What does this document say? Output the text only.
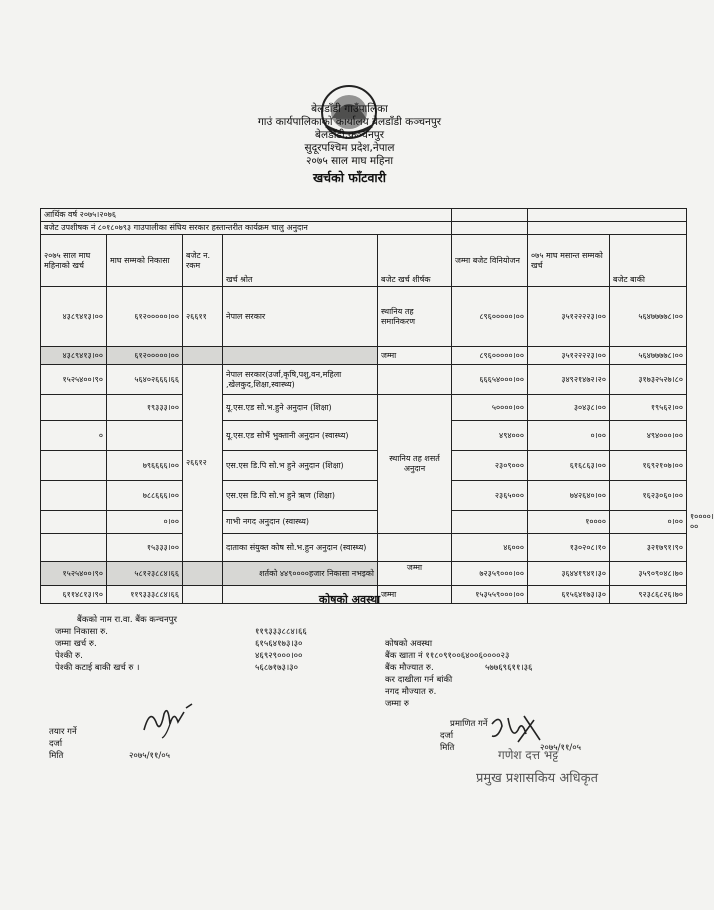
बेलडाँडी गाउँपालिका
गाउं कार्यपालिकाको कार्यालय बेलडाँडी कञ्चनपुर
बेलडाँडी,कञ्चनपुर
सुदूरपश्चिम प्रदेश,नेपाल
२०७५ साल माघ महिना
खर्चको फाँटवारी
आर्थिक वर्ष २०७५।२०७६								
बजेट उपशीषक नं ८०१८०७९३ गाउपालीका संघिय सरकार हस्तान्तरीत कार्यक्रम चालु अनुदान								
२०७५ साल माघ महिनाको खर्च	माघ सम्मको निकासा	बजेट न. रकम	खर्च श्रोत	बजेट खर्च शीर्षक	जम्मा बजेट विनियोजन	०७५ माघ मसान्त सम्मको खर्च	बजेट बाकी	
४३८९४१३।००	६१२०००००।००	२६६११	नेपाल सरकार	स्थानिय तह समानिकरण	८९६०००००।००	३५१२२२२३।००	५६४७७७७८।००	
४३८९४१३।००	६१२०००००।००			जम्मा	८९६०००००।००	३५१२२२२३।००	५६४७७७७८।००	
१५२५४००।९०	५६४०२६६६।६६	२६६१२	नेपाल सरकार(उर्जा,कृषि,पशु,वन,महिला ,खेलकुद,शिक्षा,स्वास्थ्य)		६६६५४०००।००	३४९२१४७२।२०	३१७३२५२७।८०	
	१९३३३।००		यू.एस.एड सो.भ.हुने अनुदान (शिक्षा)	स्थानिय तह शसर्त अनुदान	५००००।००	३०४३८।००	१९५६२।००	
०			यू.एस.एड सोभैं भुक्तानी अनुदान (स्वास्थ्य)		४९४०००	०।००	४९४०००।००	
	७९६६६६।००		एस.एस डि.पि सो.भ हुने अनुदान (शिक्षा)		२३०९०००	६१६८६३।००	१६९२१०७।००	
	७८८६६६।००		एस.एस डि.पि सो.भ हुने ऋण (शिक्षा)		२३६५०००	७४२६४०।००	१६२३०६०।००	
	०।००		गाभी नगद अनुदान (स्वास्थ्य)			१००००	०।००	१००००।००
	१५३३३।००		दाताका संयुक्त कोष सो.भ.हुन अनुदान (स्वास्थ्य)		४६०००	१३०२०८।१०	३२१७९१।९०	
१५२५४००।९०	५८१२३८८४।६६		शर्तको ४४९००००हजार निकासा नभइको	जम्मा	७२३५९०००।००	३६४४१९४१।३०	३५९०९०४८।७०	
६११४८१३।९०	११९३३३८८४।६६			जम्मा	१५३५५९०००।००	६१५६४१७३।३०	९२३८६८२६।७०	
कोषको अवस्था
बैंकको नाम रा.वा. बैंक कन्चनपुर
जम्मा निकासा रु.	११९३३३८८४।६६
जम्मा खर्च रु.	६१५६४१७३।३०
पेश्की रु.	४६९२९०००।००
पेश्की कटाई बाकी खर्च रु ।	५६८७१७३।३०
कोषको अवस्था
बैंक खाता नं ११८०९१००६४००६००००२३
बैंक मौज्यात रु.	५७७६९६११।३६
कर दाखीला गर्न बांकी
नगद मौज्यात रु.
जम्मा रु
तयार गर्ने
दर्जा
मिति	२०७५/११/०५
प्रमाणित गर्ने
दर्जा
मिति	२०७५/११/०५
गणेश दत्त भट्ट
प्रमुख प्रशासकिय अधिकृत
